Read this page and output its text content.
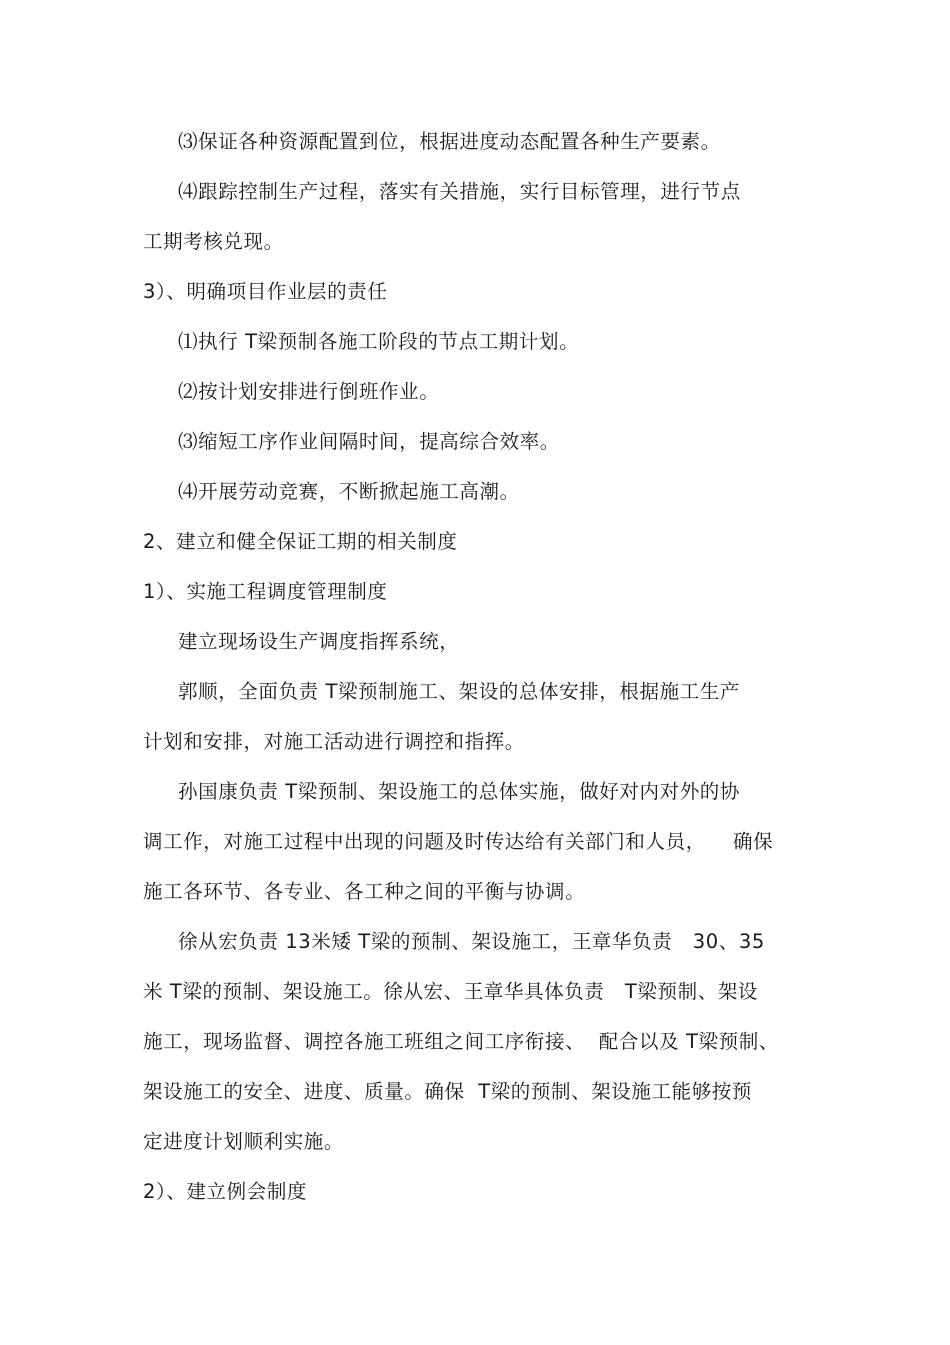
⑶保证各种资源配置到位，根据进度动态配置各种生产要素。
⑷跟踪控制生产过程，落实有关措施，实行目标管理，进行节点
工期考核兑现。
3）、明确项目作业层的责任
⑴执行 T梁预制各施工阶段的节点工期计划。
⑵按计划安排进行倒班作业。
⑶缩短工序作业间隔时间，提高综合效率。
⑷开展劳动竞赛，不断掀起施工高潮。
2、建立和健全保证工期的相关制度
1）、实施工程调度管理制度
建立现场设生产调度指挥系统，
郭顺，全面负责 T梁预制施工、架设的总体安排，根据施工生产
计划和安排，对施工活动进行调控和指挥。
孙国康负责 T梁预制、架设施工的总体实施，做好对内对外的协
调工作，对施工过程中出现的问题及时传达给有关部门和人员，    确保
施工各环节、各专业、各工种之间的平衡与协调。
徐从宏负责 13米矮 T梁的预制、架设施工，王章华负责   30、35
米 T梁的预制、架设施工。徐从宏、王章华具体负责   T梁预制、架设
施工，现场监督、调控各施工班组之间工序衔接、  配合以及 T梁预制、
架设施工的安全、进度、质量。确保  T梁的预制、架设施工能够按预
定进度计划顺利实施。
2）、建立例会制度
